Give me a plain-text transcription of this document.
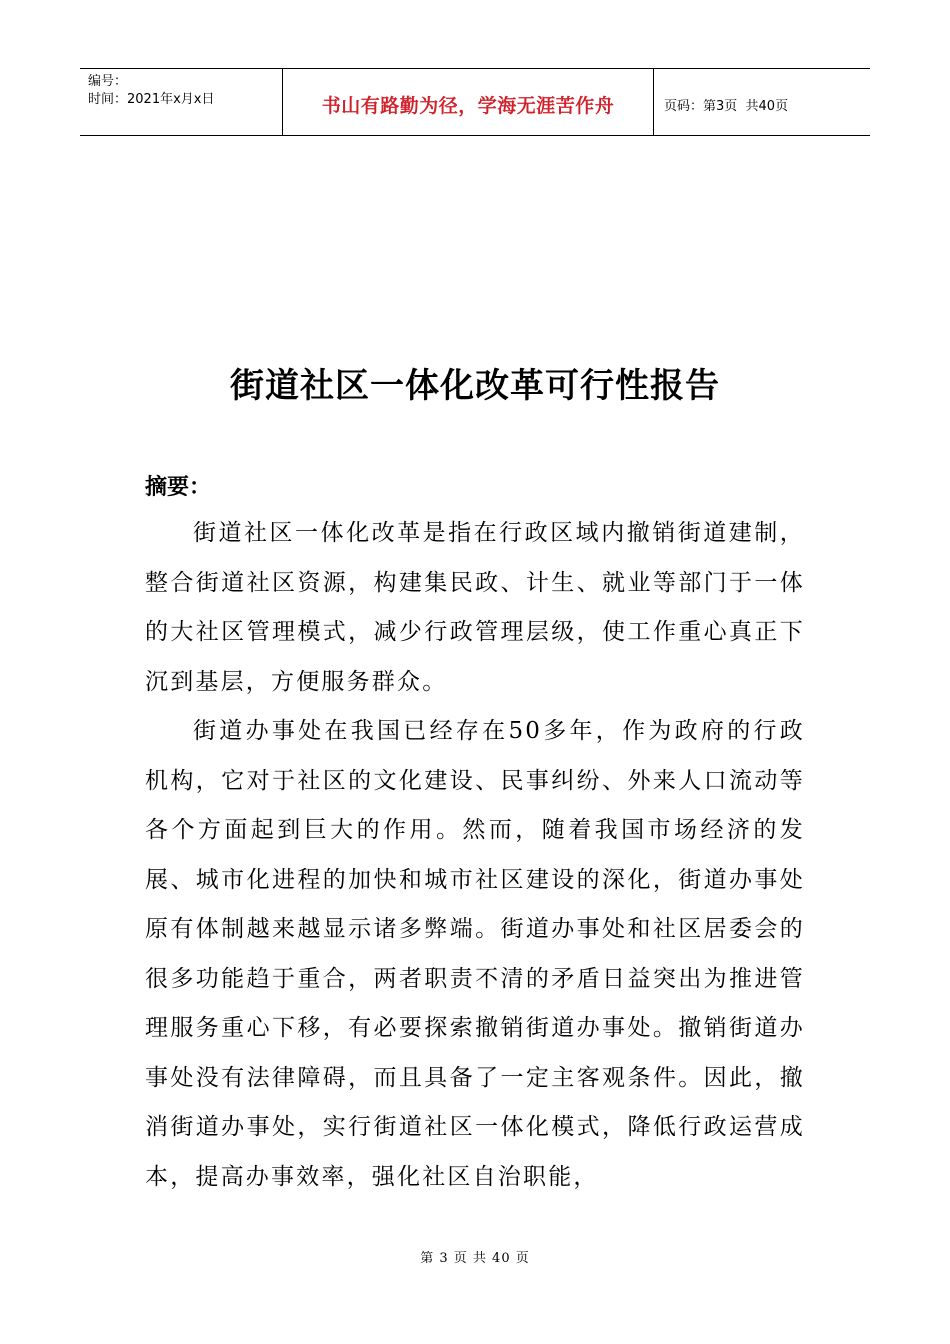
编号：
时间：2021年x月x日	书山有路勤为径，学海无涯苦作舟	页码：第3页  共40页
街道社区一体化改革可行性报告
摘要：

街道社区一体化改革是指在行政区域内撤销街道建制，整合街道社区资源，构建集民政、计生、就业等部门于一体的大社区管理模式，减少行政管理层级，使工作重心真正下沉到基层，方便服务群众。

街道办事处在我国已经存在50多年，作为政府的行政机构，它对于社区的文化建设、民事纠纷、外来人口流动等各个方面起到巨大的作用。然而，随着我国市场经济的发展、城市化进程的加快和城市社区建设的深化，街道办事处原有体制越来越显示诸多弊端。街道办事处和社区居委会的很多功能趋于重合，两者职责不清的矛盾日益突出为推进管理服务重心下移，有必要探索撤销街道办事处。撤销街道办事处没有法律障碍，而且具备了一定主客观条件。因此，撤消街道办事处，实行街道社区一体化模式，降低行政运营成本，提高办事效率，强化社区自治职能，

第 3 页 共 40 页
